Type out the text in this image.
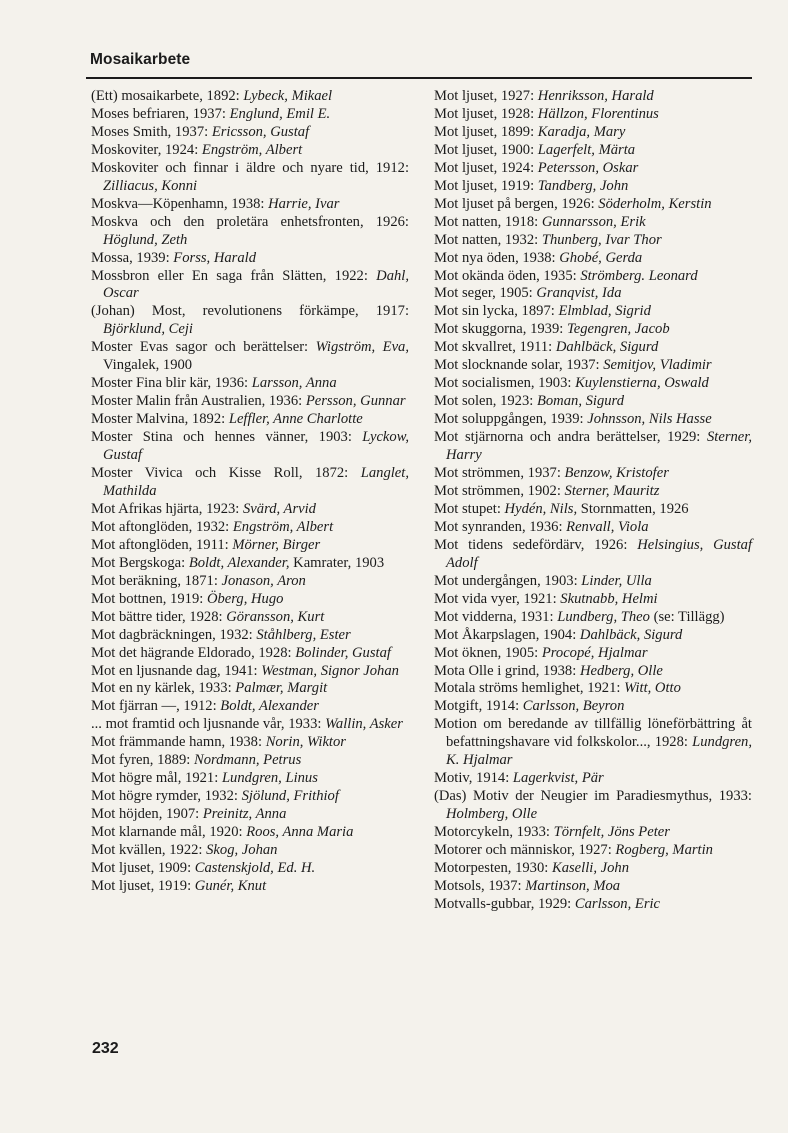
Mosaikarbete
(Ett) mosaikarbete, 1892: Lybeck, Mikael
Moses befriaren, 1937: Englund, Emil E.
Moses Smith, 1937: Ericsson, Gustaf
Moskoviter, 1924: Engström, Albert
Moskoviter och finnar i äldre och nyare tid, 1912: Zilliacus, Konni
Moskva—Köpenhamn, 1938: Harrie, Ivar
Moskva och den proletära enhetsfronten, 1926: Höglund, Zeth
Mossa, 1939: Forss, Harald
Mossbron eller En saga från Slätten, 1922: Dahl, Oscar
(Johan) Most, revolutionens förkämpe, 1917: Björklund, Ceji
Moster Evas sagor och berättelser: Wigström, Eva, Vingalek, 1900
Moster Fina blir kär, 1936: Larsson, Anna
Moster Malin från Australien, 1936: Persson, Gunnar
Moster Malvina, 1892: Leffler, Anne Charlotte
Moster Stina och hennes vänner, 1903: Lyckow, Gustaf
Moster Vivica och Kisse Roll, 1872: Langlet, Mathilda
Mot Afrikas hjärta, 1923: Svärd, Arvid
Mot aftonglöden, 1932: Engström, Albert
Mot aftonglöden, 1911: Mörner, Birger
Mot Bergskoga: Boldt, Alexander, Kamrater, 1903
Mot beräkning, 1871: Jonason, Aron
Mot bottnen, 1919: Öberg, Hugo
Mot bättre tider, 1928: Göransson, Kurt
Mot dagbräckningen, 1932: Ståhlberg, Ester
Mot det hägrande Eldorado, 1928: Bolinder, Gustaf
Mot en ljusnande dag, 1941: Westman, Signor Johan
Mot en ny kärlek, 1933: Palmær, Margit
Mot fjärran —, 1912: Boldt, Alexander
... mot framtid och ljusnande vår, 1933: Wallin, Asker
Mot främmande hamn, 1938: Norin, Wiktor
Mot fyren, 1889: Nordmann, Petrus
Mot högre mål, 1921: Lundgren, Linus
Mot högre rymder, 1932: Sjölund, Frithiof
Mot höjden, 1907: Preinitz, Anna
Mot klarnande mål, 1920: Roos, Anna Maria
Mot kvällen, 1922: Skog, Johan
Mot ljuset, 1909: Castenskjold, Ed. H.
Mot ljuset, 1919: Gunér, Knut
Mot ljuset, 1927: Henriksson, Harald
Mot ljuset, 1928: Hällzon, Florentinus
Mot ljuset, 1899: Karadja, Mary
Mot ljuset, 1900: Lagerfelt, Märta
Mot ljuset, 1924: Petersson, Oskar
Mot ljuset, 1919: Tandberg, John
Mot ljuset på bergen, 1926: Söderholm, Kerstin
Mot natten, 1918: Gunnarsson, Erik
Mot natten, 1932: Thunberg, Ivar Thor
Mot nya öden, 1938: Ghobé, Gerda
Mot okända öden, 1935: Strömberg. Leonard
Mot seger, 1905: Granqvist, Ida
Mot sin lycka, 1897: Elmblad, Sigrid
Mot skuggorna, 1939: Tegengren, Jacob
Mot skvallret, 1911: Dahlbäck, Sigurd
Mot slocknande solar, 1937: Semitjov, Vladimir
Mot socialismen, 1903: Kuylenstierna, Oswald
Mot solen, 1923: Boman, Sigurd
Mot soluppgången, 1939: Johnsson, Nils Hasse
Mot stjärnorna och andra berättelser, 1929: Sterner, Harry
Mot strömmen, 1937: Benzow, Kristofer
Mot strömmen, 1902: Sterner, Mauritz
Mot stupet: Hydén, Nils, Stornmatten, 1926
Mot synranden, 1936: Renvall, Viola
Mot tidens sedefördärv, 1926: Helsingius, Gustaf Adolf
Mot undergången, 1903: Linder, Ulla
Mot vida vyer, 1921: Skutnabb, Helmi
Mot vidderna, 1931: Lundberg, Theo (se: Tillägg)
Mot Åkarpslagen, 1904: Dahlbäck, Sigurd
Mot öknen, 1905: Procopé, Hjalmar
Mota Olle i grind, 1938: Hedberg, Olle
Motala ströms hemlighet, 1921: Witt, Otto
Motgift, 1914: Carlsson, Beyron
Motion om beredande av tillfällig löneförbättring åt befattningshavare vid folkskolor..., 1928: Lundgren, K. Hjalmar
Motiv, 1914: Lagerkvist, Pär
(Das) Motiv der Neugier im Paradiesmythus, 1933: Holmberg, Olle
Motorcykeln, 1933: Törnfelt, Jöns Peter
Motorer och människor, 1927: Rogberg, Martin
Motorpesten, 1930: Kaselli, John
Motsols, 1937: Martinson, Moa
Motvalls-gubbar, 1929: Carlsson, Eric
232
